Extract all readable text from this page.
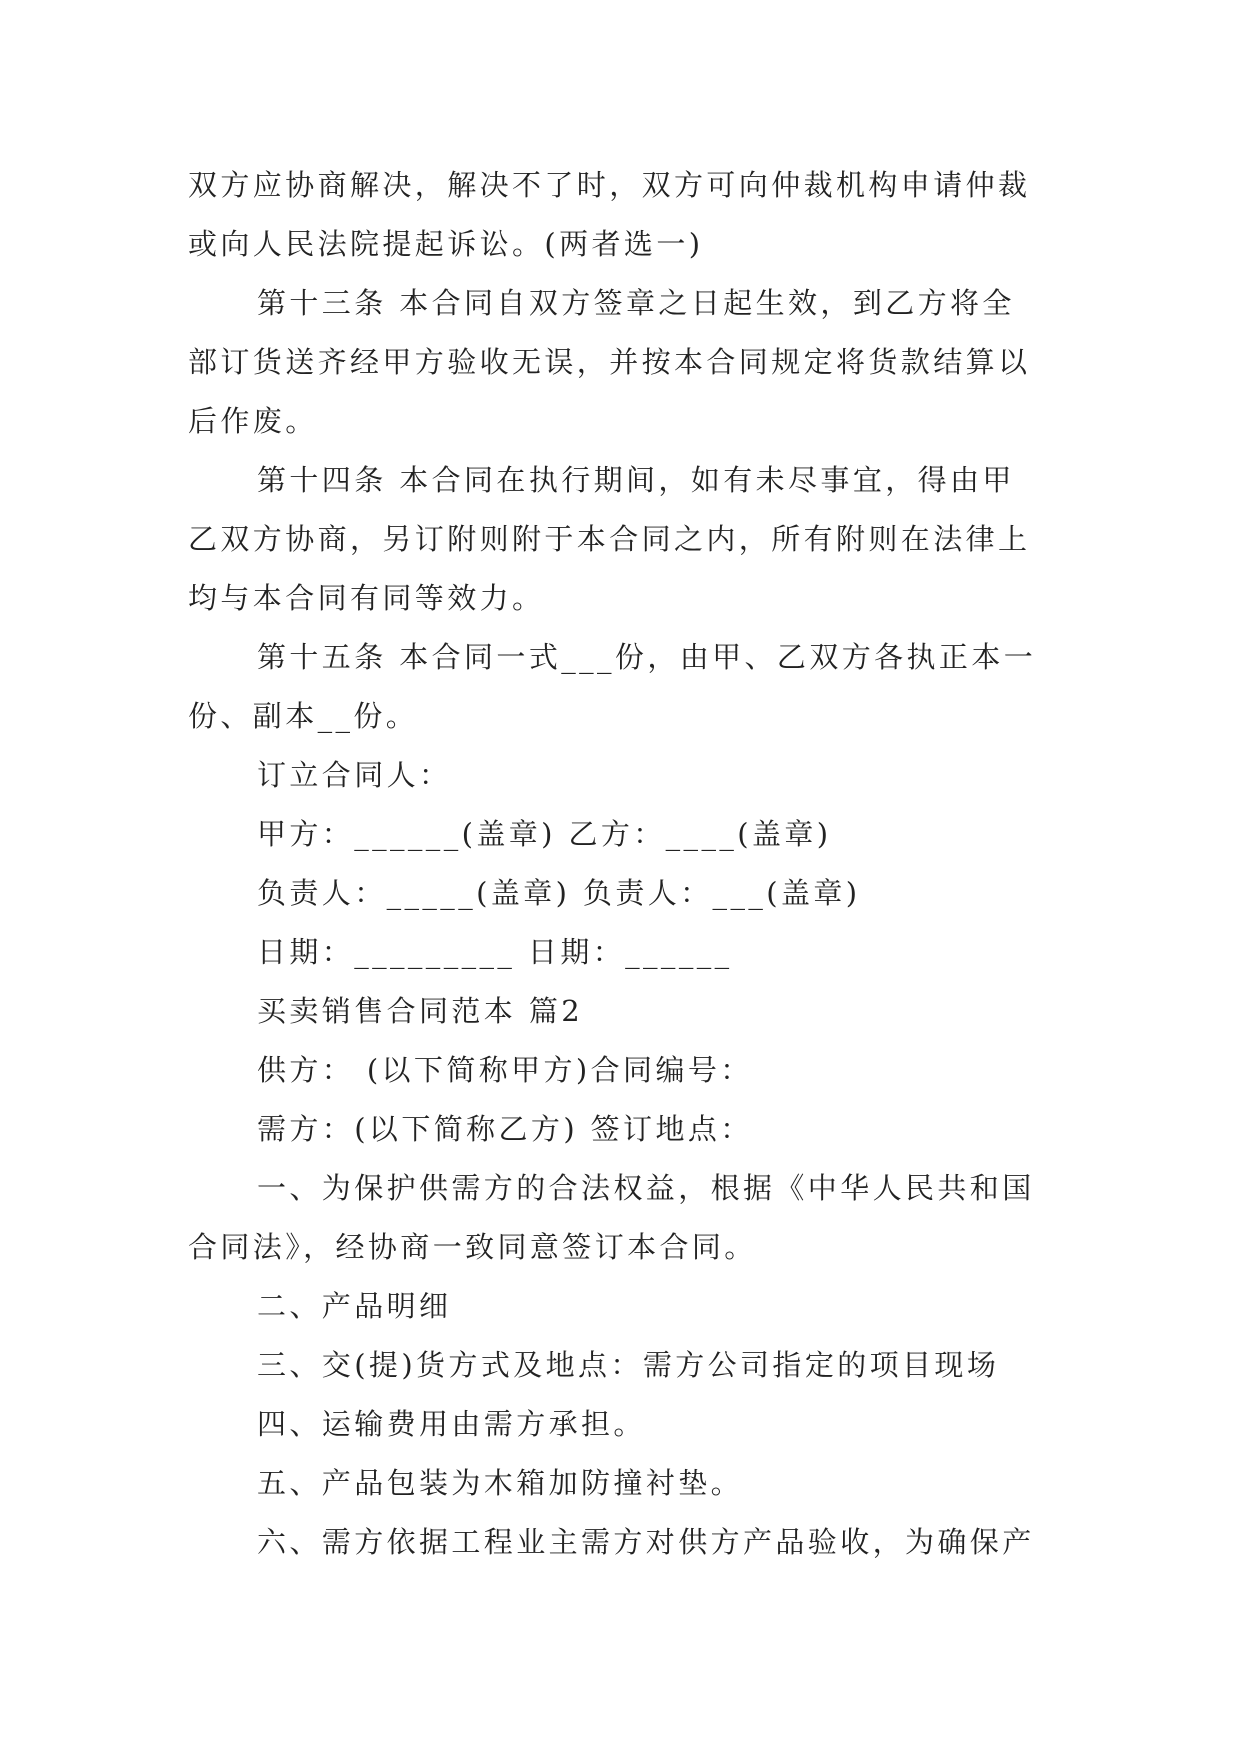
双方应协商解决，解决不了时，双方可向仲裁机构申请仲裁
或向人民法院提起诉讼。(两者选一)
第十三条 本合同自双方签章之日起生效，到乙方将全
部订货送齐经甲方验收无误，并按本合同规定将货款结算以
后作废。
第十四条 本合同在执行期间，如有未尽事宜，得由甲
乙双方协商，另订附则附于本合同之内，所有附则在法律上
均与本合同有同等效力。
第十五条 本合同一式___份，由甲、乙双方各执正本一
份、副本__份。
订立合同人：
甲方：______(盖章) 乙方：____(盖章)
负责人：_____(盖章) 负责人：___(盖章)
日期：_________ 日期：______
买卖销售合同范本 篇2
供方： (以下简称甲方)合同编号：
需方：(以下简称乙方) 签订地点：
一、为保护供需方的合法权益，根据《中华人民共和国
合同法》，经协商一致同意签订本合同。
二、产品明细
三、交(提)货方式及地点：需方公司指定的项目现场
四、运输费用由需方承担。
五、产品包装为木箱加防撞衬垫。
六、需方依据工程业主需方对供方产品验收，为确保产
